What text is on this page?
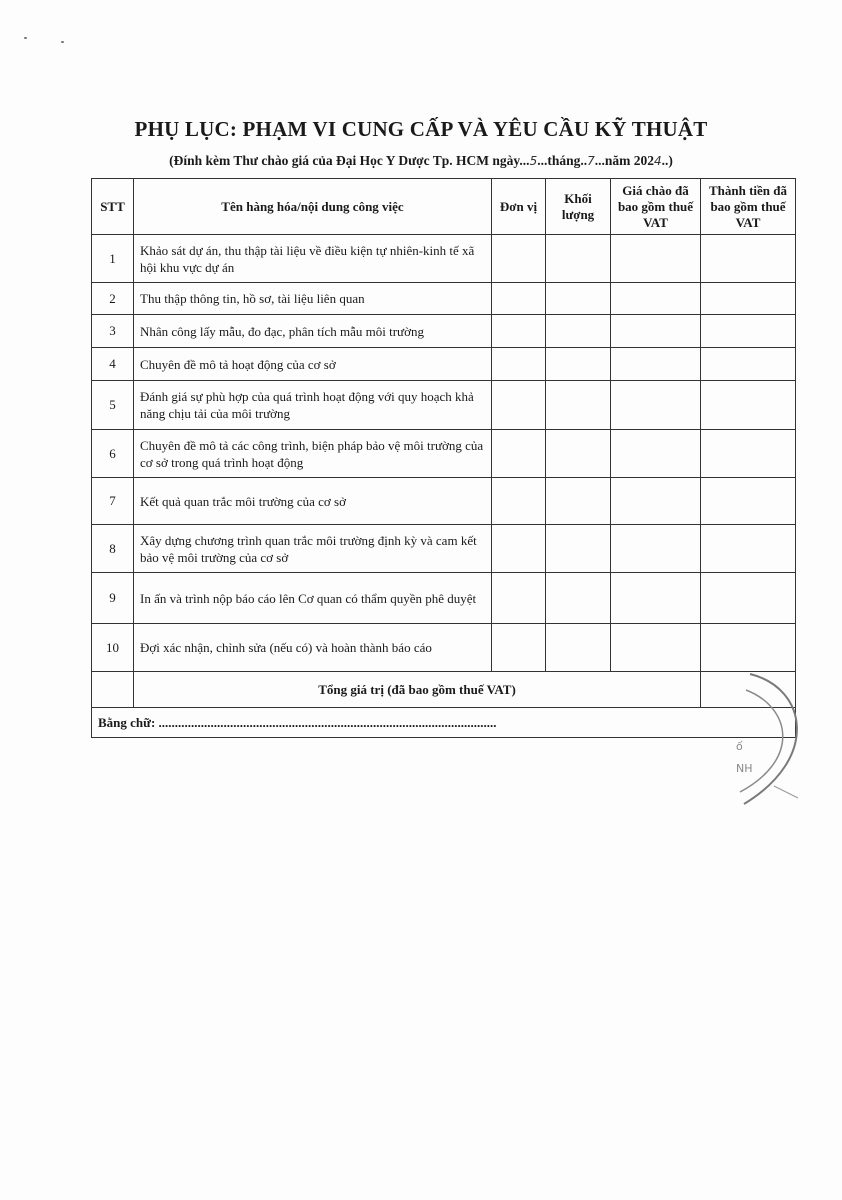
PHỤ LỤC: PHẠM VI CUNG CẤP VÀ YÊU CẦU KỸ THUẬT
(Đính kèm Thư chào giá của Đại Học Y Dược Tp. HCM ngày...5...tháng..7...năm 2024..)
STT	Tên hàng hóa/nội dung công việc	Đơn vị	Khối lượng	Giá chào đã bao gồm thuế VAT	Thành tiền đã bao gồm thuế VAT
1	Khảo sát dự án, thu thập tài liệu về điều kiện tự nhiên-kinh tế xã hội khu vực dự án				
2	Thu thập thông tin, hồ sơ, tài liệu liên quan				
3	Nhân công lấy mẫu, đo đạc, phân tích mẫu môi trường				
4	Chuyên đề mô tả hoạt động của cơ sở				
5	Đánh giá sự phù hợp của quá trình hoạt động với quy hoạch khả năng chịu tải của môi trường				
6	Chuyên đề mô tả các công trình, biện pháp bảo vệ môi trường của cơ sở trong quá trình hoạt động				
7	Kết quả quan trắc môi trường của cơ sở				
8	Xây dựng chương trình quan trắc môi trường định kỳ và cam kết bảo vệ môi trường của cơ sở				
9	In ấn và trình nộp báo cáo lên Cơ quan có thẩm quyền phê duyệt				
10	Đợi xác nhận, chỉnh sửa (nếu có) và hoàn thành báo cáo				
	Tổng giá trị (đã bao gồm thuế VAT)				
Bằng chữ: ........................................................................................................					
ố
NH
